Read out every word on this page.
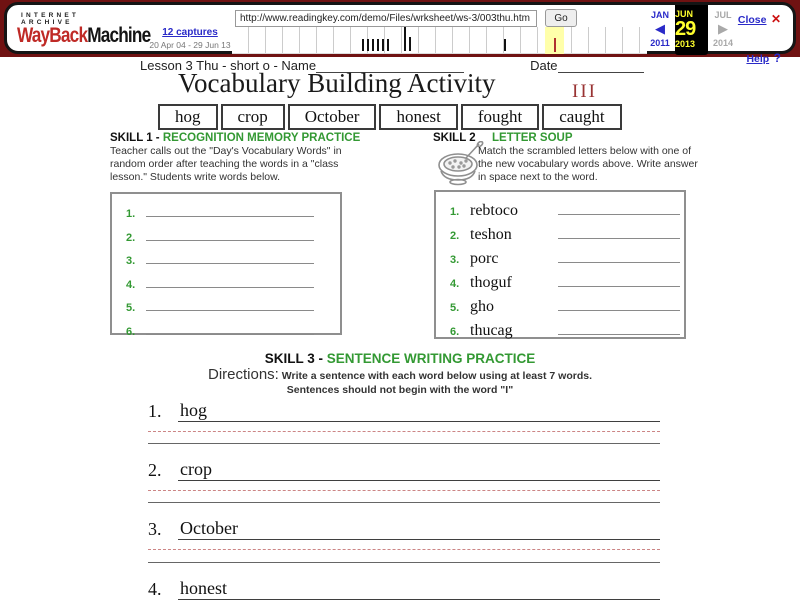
INTERNET ARCHIVE
WayBackMachine	12 captures
20 Apr 04 - 29 Jun 13
http://www.readingkey.com/demo/Files/wrksheet/ws-3/003thu.htm
Go	JAN
◀
2011
JUN
29
2013
JUL
▶
2014
Close ✕
Help ?
Lesson 3 Thu - short o - Name	Date
Vocabulary Building Activity	III
hog	crop	October	honest	fought	caught
SKILL 1 - RECOGNITION MEMORY PRACTICE
Teacher calls out the "Day's Vocabulary Words" in random order after teaching the words in a "class lesson." Students write words below.
1.
2.
3.
4.
5.
6.
SKILL 2 LETTER SOUP
Match the scrambled letters below with one of the new vocabulary words above. Write answer in space next to the word.
1. rebtoco
2. teshon
3. porc
4. thoguf
5. gho
6. thucag
SKILL 3 - SENTENCE WRITING PRACTICE
Directions: Write a sentence with each word below using at least 7 words.
Sentences should not begin with the word "I"
1.	hog
2.	crop
3.	October
4.	honest
